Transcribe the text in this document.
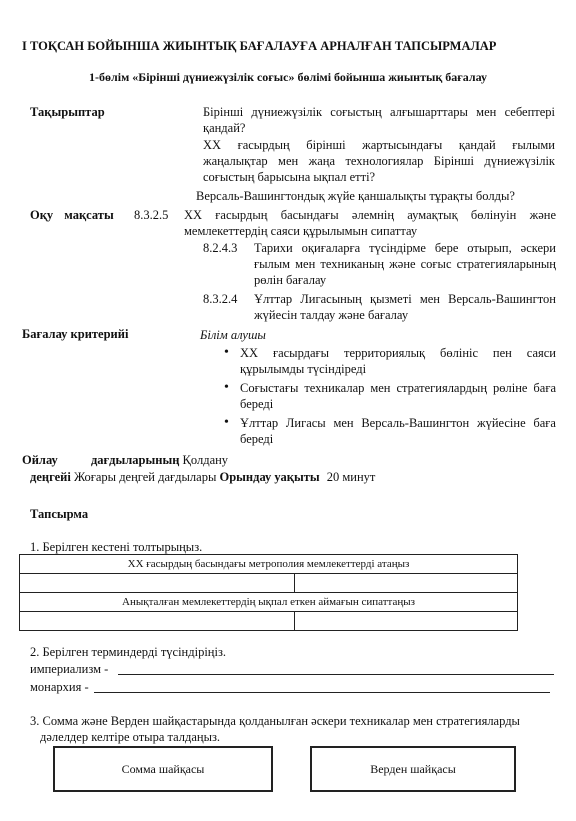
I ТОҚСАН БОЙЫНША ЖИЫНТЫҚ БАҒАЛАУҒА АРНАЛҒАН ТАПСЫРМАЛАР
1-бөлім «Бірінші дүниежүзілік соғыс» бөлімі бойынша жиынтық бағалау
Тақырыптар	Бірінші дүниежүзілік соғыстың алғышарттары мен себептері қандай?
ХХ ғасырдың бірінші жартысындағы қандай ғылыми жаңалықтар мен жаңа технологиялар Бірінші дүниежүзілік соғыстың барысына ықпал етті?
Версаль-Вашингтондық жүйе қаншалықты тұрақты болды?
Оқу мақсаты 8.3.2.5 ХХ ғасырдың басындағы әлемнің аумақтық бөлінуін және мемлекеттердің саяси құрылымын сипаттау
8.2.4.3 Тарихи оқиғаларға түсіндірме бере отырып, әскери ғылым мен техниканың және соғыс стратегияларының рөлін бағалау
8.3.2.4 Ұлттар Лигасының қызметі мен Версаль-Вашингтон жүйесін талдау және бағалау
Бағалау критерийі	Білім алушы
• ХХ ғасырдағы территориялық бөлініс пен саяси құрылымды түсіндіреді
• Соғыстағы техникалар мен стратегиялардың рөліне баға береді
• Ұлттар Лигасы мен Версаль-Вашингтон жүйесіне баға береді
Ойлау	дағдыларының Қолдану
деңгейі Жоғары деңгей дағдылары Орындау уақыты 20 минут
Тапсырма
1. Берілген кестені толтырыңыз.
ХХ ғасырдың басындағы метрополия мемлекеттерді атаңыз	

Анықталған мемлекеттердің ықпал еткен аймағын сипаттаңыз	

2. Берілген терминдерді түсіндіріңіз.
империализм -
монархия -
3. Сомма және Верден шайқастарында қолданылған әскери техникалар мен стратегияларды
дәлелдер келтіре отыра талдаңыз.
Сомма шайқасы	Верден шайқасы
